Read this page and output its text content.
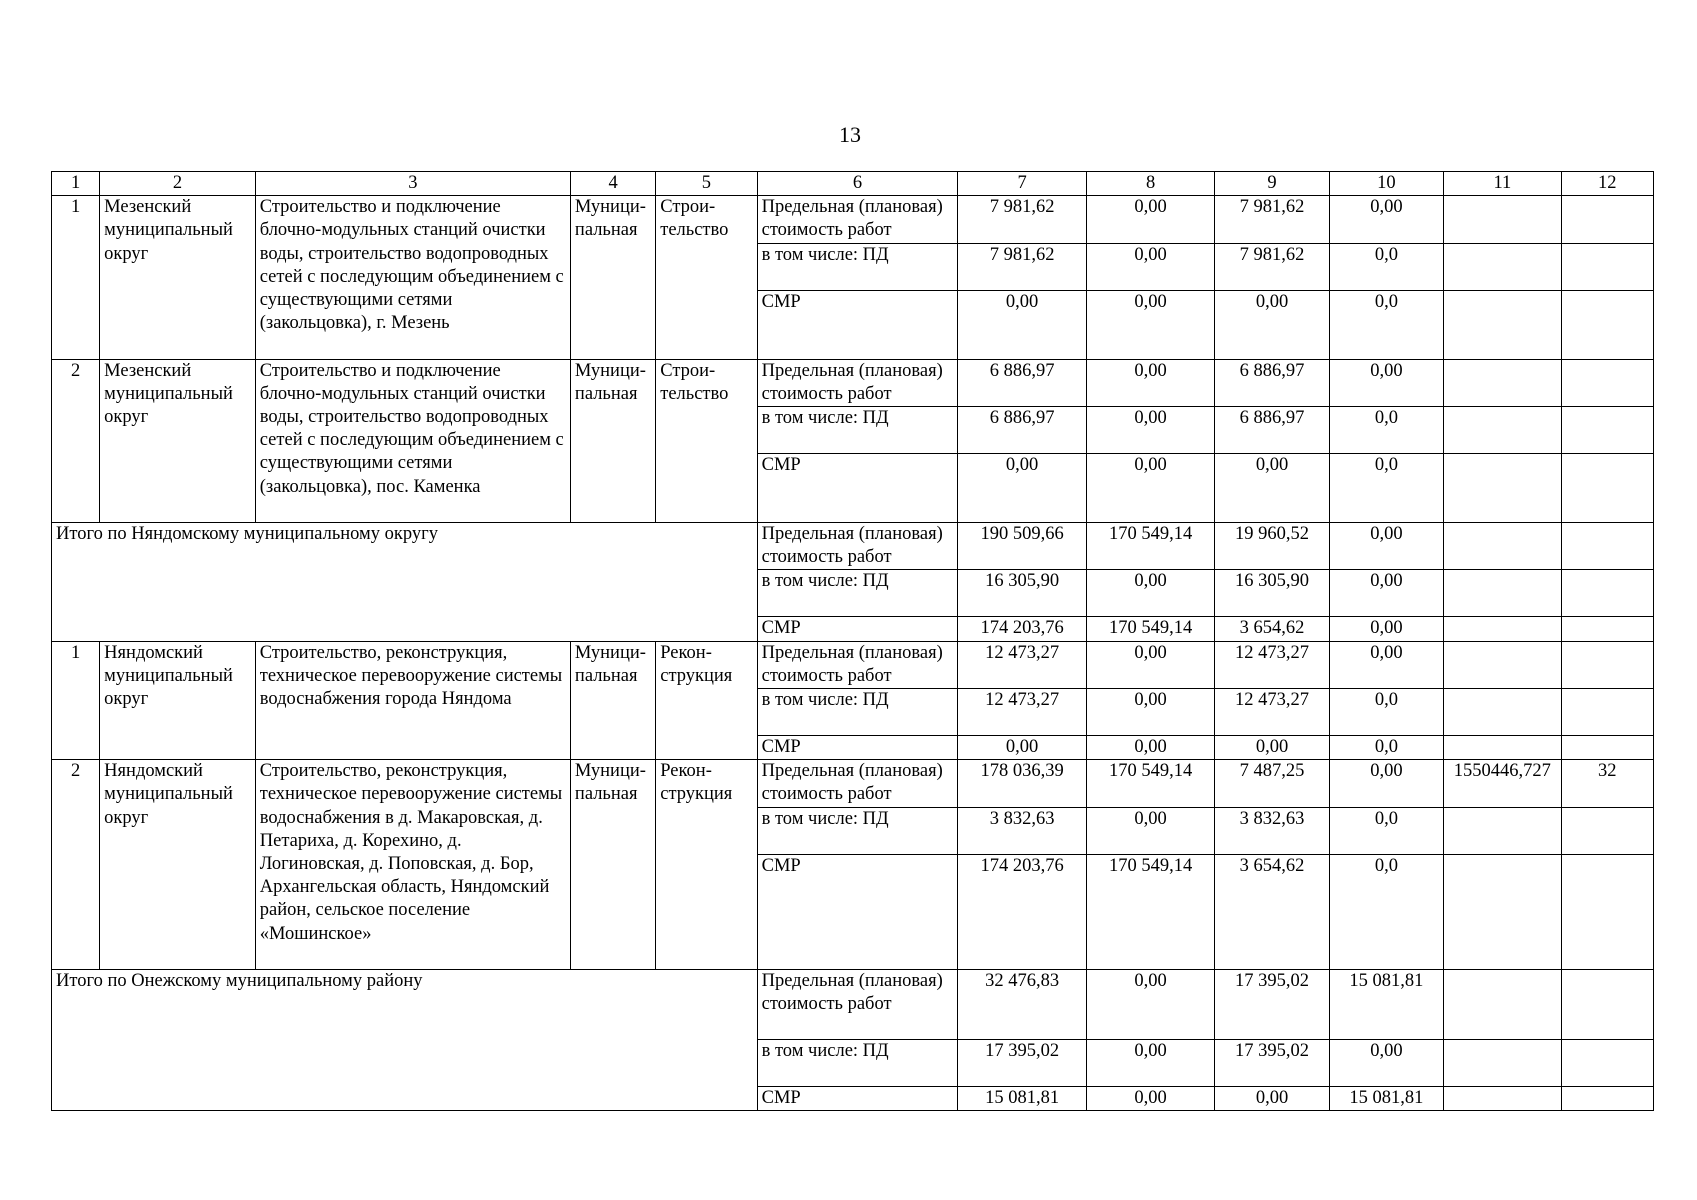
13
1	2	3	4	5	6	7	8	9	10	11	12
1	Мезенский муниципальный округ	Строительство и подключение блочно-модульных станций очистки воды, строительство водопроводных сетей с последующим объединением с существующими сетями (закольцовка), г. Мезень	Муници- пальная	Строи- тельство	Предельная (плановая) стоимость работ	7 981,62	0,00	7 981,62	0,00		
					в том числе: ПД	7 981,62	0,00	7 981,62	0,0		
					СМР	0,00	0,00	0,00	0,0		
2	Мезенский муниципальный округ	Строительство и подключение блочно-модульных станций очистки воды, строительство водопроводных сетей с последующим объединением с существующими сетями (закольцовка), пос. Каменка	Муници- пальная	Строи- тельство	Предельная (плановая) стоимость работ	6 886,97	0,00	6 886,97	0,00		
					в том числе: ПД	6 886,97	0,00	6 886,97	0,0		
					СМР	0,00	0,00	0,00	0,0		
Итого по Няндомскому муниципальному округу					Предельная (плановая) стоимость работ	190 509,66	170 549,14	19 960,52	0,00		
					в том числе: ПД	16 305,90	0,00	16 305,90	0,00		
					СМР	174 203,76	170 549,14	3 654,62	0,00		
1	Няндомский муниципальный округ	Строительство, реконструкция, техническое перевооружение системы водоснабжения города Няндома	Муници- пальная	Рекон- струкция	Предельная (плановая) стоимость работ	12 473,27	0,00	12 473,27	0,00		
					в том числе: ПД	12 473,27	0,00	12 473,27	0,0		
					СМР	0,00	0,00	0,00	0,0		
2	Няндомский муниципальный округ	Строительство, реконструкция, техническое перевооружение системы водоснабжения в д. Макаровская, д. Петариха, д. Корехино, д. Логиновская, д. Поповская, д. Бор, Архангельская область, Няндомский район, сельское поселение «Мошинское»	Муници- пальная	Рекон- струкция	Предельная (плановая) стоимость работ	178 036,39	170 549,14	7 487,25	0,00	1550446,727	32
					в том числе: ПД	3 832,63	0,00	3 832,63	0,0		
					СМР	174 203,76	170 549,14	3 654,62	0,0		
Итого по Онежскому муниципальному району					Предельная (плановая) стоимость работ	32 476,83	0,00	17 395,02	15 081,81		
					в том числе: ПД	17 395,02	0,00	17 395,02	0,00		
					СМР	15 081,81	0,00	0,00	15 081,81		
